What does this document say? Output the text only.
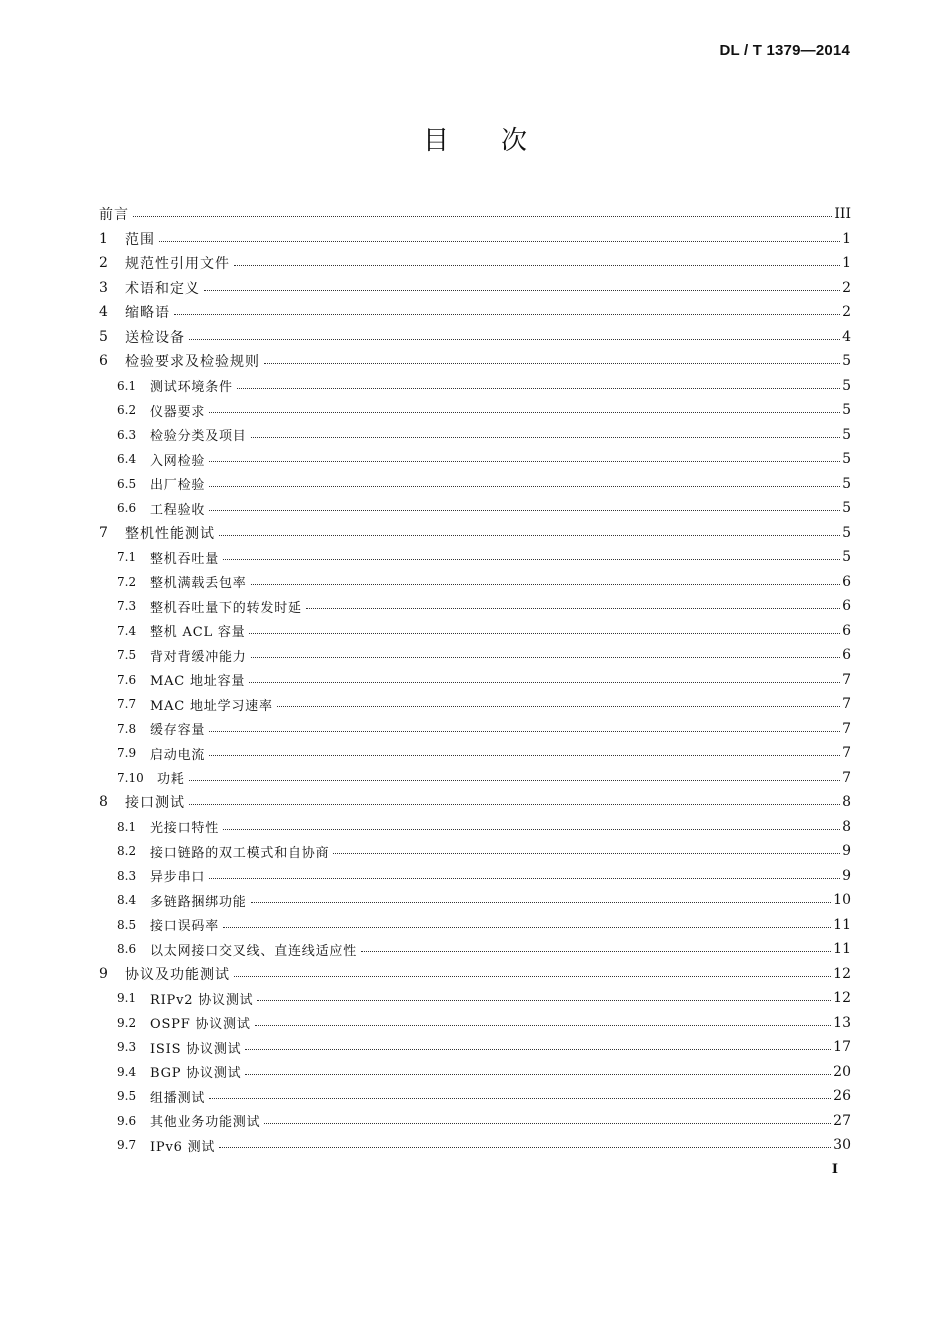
DL / T 1379—2014
目次
前言	III
1	范围	1
2	规范性引用文件	1
3	术语和定义	2
4	缩略语	2
5	送检设备	4
6	检验要求及检验规则	5
6.1	测试环境条件	5
6.2	仪器要求	5
6.3	检验分类及项目	5
6.4	入网检验	5
6.5	出厂检验	5
6.6	工程验收	5
7	整机性能测试	5
7.1	整机吞吐量	5
7.2	整机满载丢包率	6
7.3	整机吞吐量下的转发时延	6
7.4	整机 ACL 容量	6
7.5	背对背缓冲能力	6
7.6	MAC 地址容量	7
7.7	MAC 地址学习速率	7
7.8	缓存容量	7
7.9	启动电流	7
7.10	功耗	7
8	接口测试	8
8.1	光接口特性	8
8.2	接口链路的双工模式和自协商	9
8.3	异步串口	9
8.4	多链路捆绑功能	10
8.5	接口误码率	11
8.6	以太网接口交叉线、直连线适应性	11
9	协议及功能测试	12
9.1	RIPv2 协议测试	12
9.2	OSPF 协议测试	13
9.3	ISIS 协议测试	17
9.4	BGP 协议测试	20
9.5	组播测试	26
9.6	其他业务功能测试	27
9.7	IPv6 测试	30
I
